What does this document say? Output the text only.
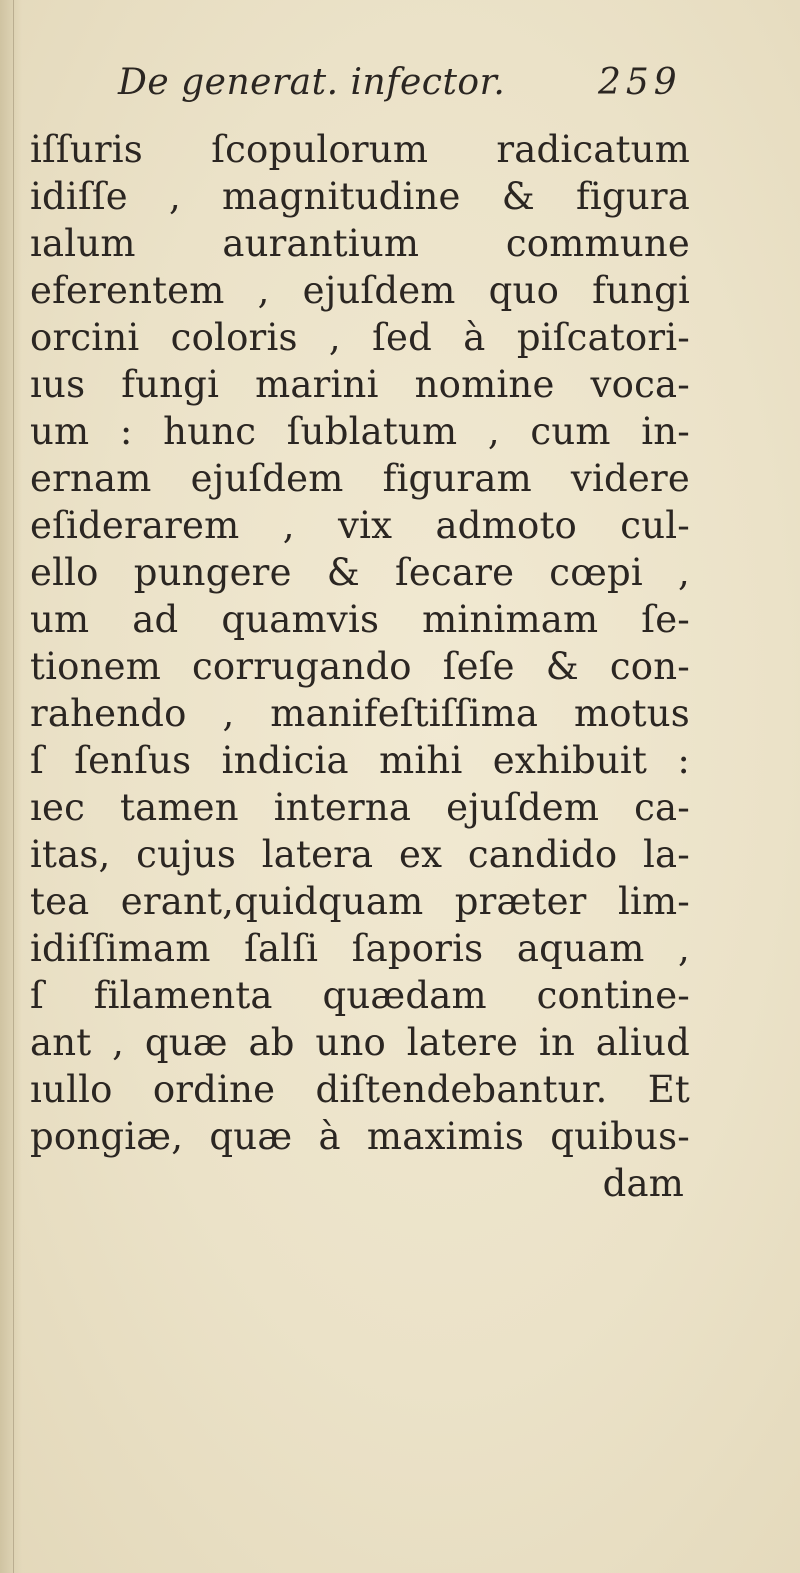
De generat. infector.	259
iſſuris ſcopulorum radicatum
idiſſe , magnitudine & figura
ıalum aurantium commune
eferentem , ejuſdem quo fungi
orcini coloris , ſed à piſcatori-
ıus fungi marini nomine voca-
um : hunc ſublatum , cum in-
ernam ejuſdem figuram videre
eſiderarem , vix admoto cul-
ello pungere & ſecare cœpi ,
um ad quamvis minimam ſe-
tionem corrugando ſeſe & con-
rahendo , manifeſtiſſima motus
ſ ſenſus indicia mihi exhibuit :
ıec tamen interna ejuſdem ca-
itas, cujus latera ex candido la-
tea erant,quidquam præter lim-
idiſſimam ſalſi ſaporis aquam ,
ſ filamenta quædam contine-
ant , quæ ab uno latere in aliud
ıullo ordine diſtendebantur. Et
pongiæ, quæ à maximis quibus-
dam
